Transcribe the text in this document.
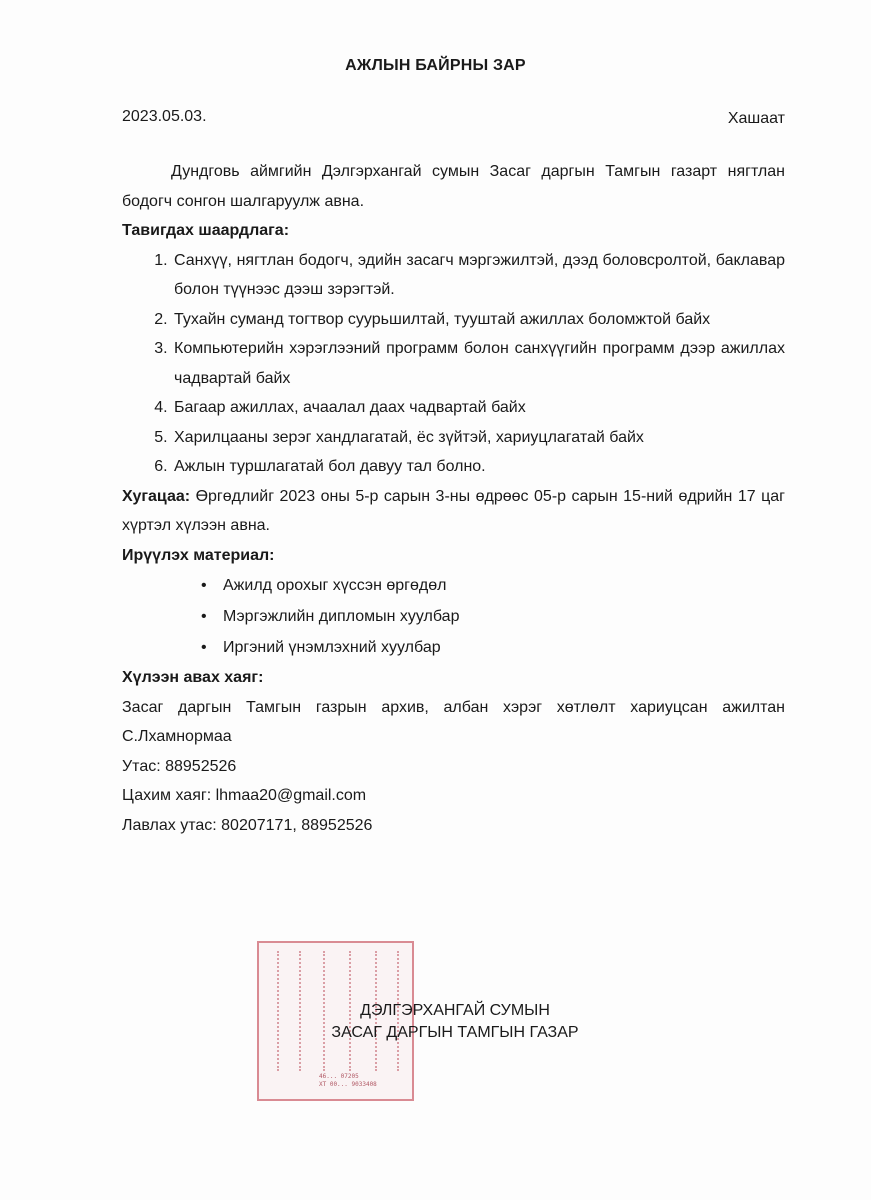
АЖЛЫН БАЙРНЫ ЗАР
2023.05.03.	Хашаат

Дундговь аймгийн Дэлгэрхангай сумын Засаг даргын Тамгын газарт нягтлан бодогч сонгон шалгаруулж авна.

Тавигдах шаардлага:

1. Санхүү, нягтлан бодогч, эдийн засагч мэргэжилтэй, дээд боловсролтой, баклавар болон түүнээс дээш зэрэгтэй.
2. Тухайн суманд тогтвор суурьшилтай, тууштай ажиллах боломжтой байх
3. Компьютерийн хэрэглээний программ болон санхүүгийн программ дээр ажиллах чадвартай байх
4. Багаар ажиллах, ачаалал даах чадвартай байх
5. Харилцааны зерэг хандлагатай, ёс зүйтэй, хариуцлагатай байх
6. Ажлын туршлагатай бол давуу тал болно.

Хугацаа: Өргөдлийг 2023 оны 5-р сарын 3-ны өдрөөс 05-р сарын 15-ний өдрийн 17 цаг хүртэл хүлээн авна.

Ирүүлэх материал:

• Ажилд орохыг хүссэн өргөдөл
• Мэргэжлийн дипломын хуулбар
• Иргэний үнэмлэхний хуулбар

Хүлээн авах хаяг:

Засаг даргын Тамгын газрын архив, албан хэрэг хөтлөлт хариуцсан ажилтан С.Лхамнормаа

Утас: 88952526

Цахим хаяг: lhmaa20@gmail.com

Лавлах утас: 80207171, 88952526

46... 07205
ХТ 00... 9033408
ДЭЛГЭРХАНГАЙ СУМЫН
ЗАСАГ ДАРГЫН ТАМГЫН ГАЗАР
